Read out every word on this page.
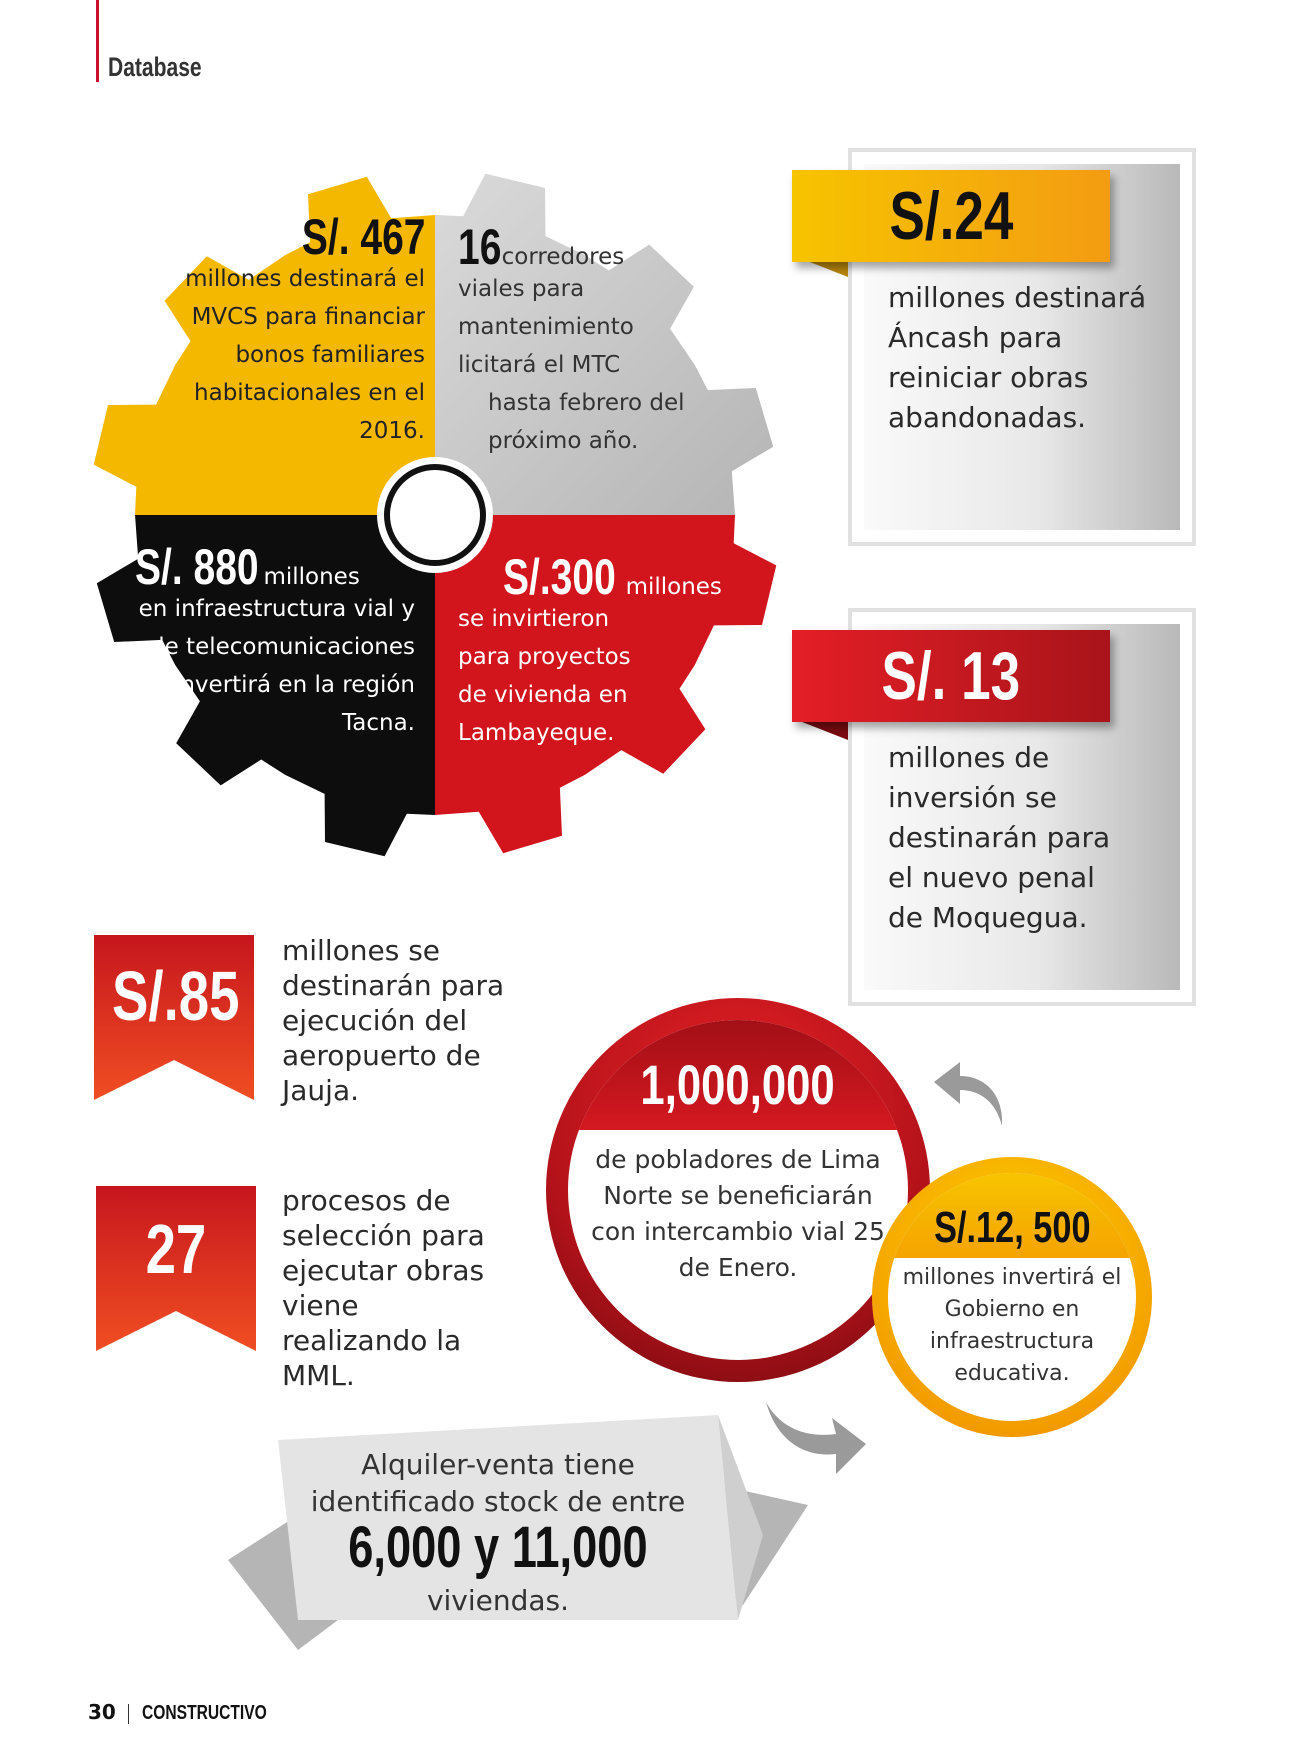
Database
S/. 467
millones destinará el MVCS para financiar bonos familiares habitacionales en el 2016.
16corredores
viales para mantenimiento licitará el MTC
hasta febrero del próximo año.
S/. 880 millones
en infraestructura vial y de telecomunicaciones se invertirá en la región Tacna.
S/.300 millones
se invirtieron para proyectos de vivienda en Lambayeque.
S/.24
millones destinará Áncash para reiniciar obras abandonadas.
S/. 13
millones de inversión se destinarán para el nuevo penal de Moquegua.
S/.85
millones se destinarán para ejecución del aeropuerto de Jauja.
27
procesos de selección para ejecutar obras viene realizando la MML.
1,000,000
de pobladores de Lima Norte se beneficiarán con intercambio vial 25 de Enero.
S/.12, 500
millones invertirá el Gobierno en infraestructura educativa.
Alquiler-venta tiene
identificado stock de entre
6,000 y 11,000
viviendas.
30 CONSTRUCTIVO
